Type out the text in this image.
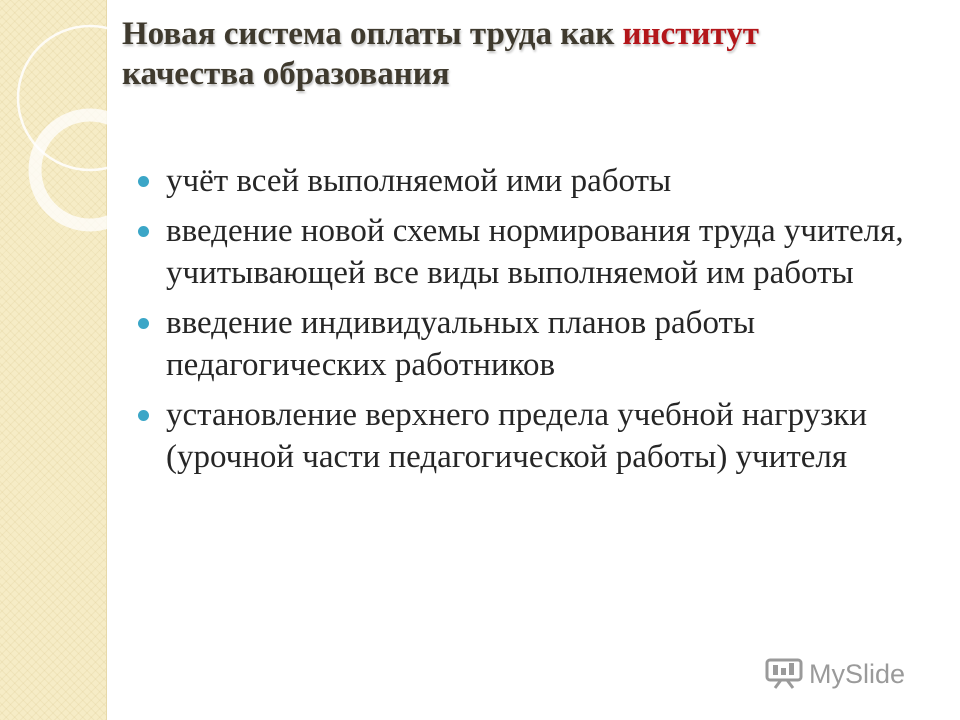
Новая система оплаты труда как институт
качества образования
учёт всей выполняемой ими работы
введение новой схемы нормирования труда учителя, учитывающей все виды выполняемой им работы
введение индивидуальных планов работы педагогических работников
установление верхнего предела учебной нагрузки (урочной части педагогической работы) учителя
MySlide
